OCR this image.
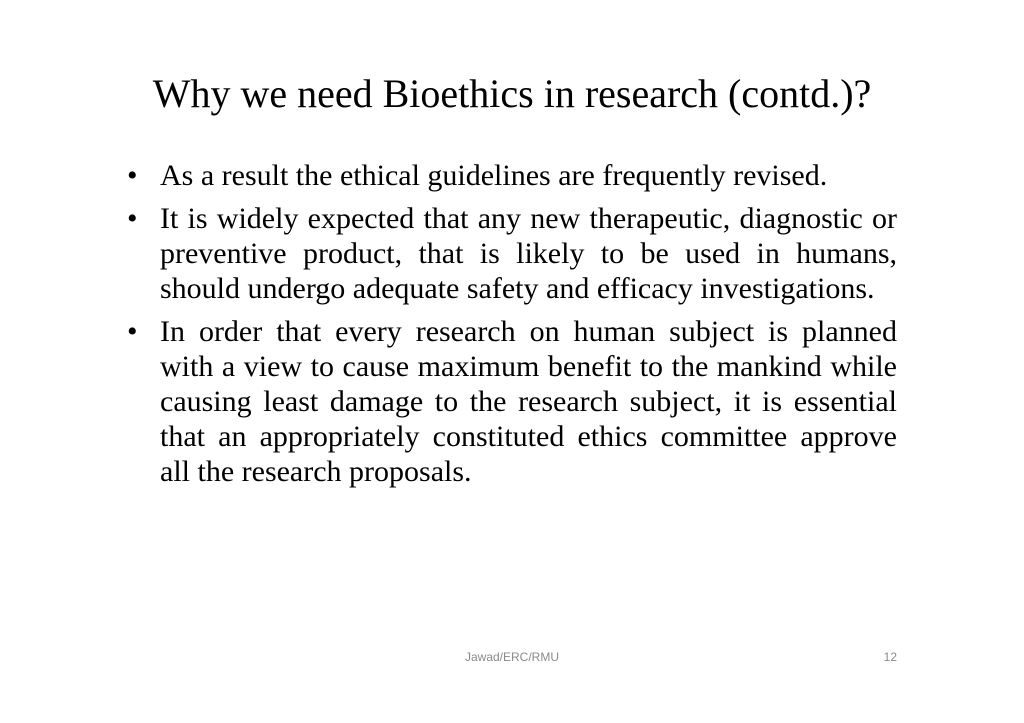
Why we need Bioethics in research (contd.)?
• As a result the ethical guidelines are frequently revised.
• It is widely expected that any new therapeutic, diagnostic or preventive product, that is likely to be used in humans, should undergo adequate safety and efficacy investigations.
• In order that every research on human subject is planned with a view to cause maximum benefit to the mankind while causing least damage to the research subject, it is essential that an appropriately constituted ethics committee approve all the research proposals.
Jawad/ERC/RMU	12
